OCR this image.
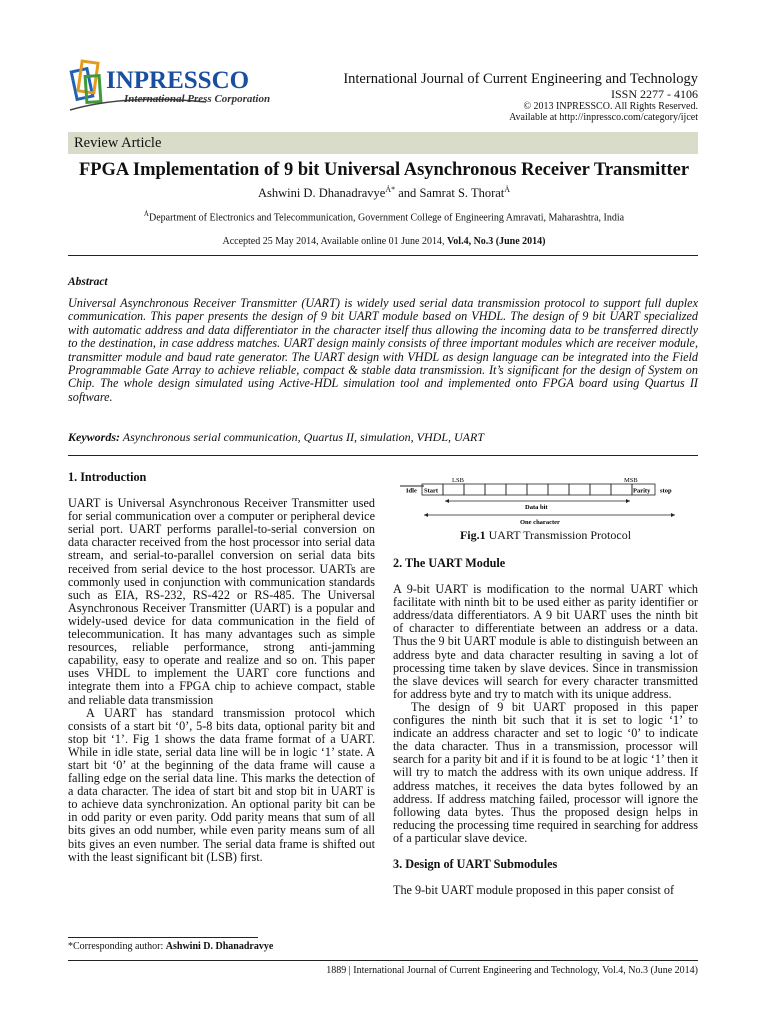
INPRESSCO
International Press Corporation
International Journal of Current Engineering and Technology
ISSN 2277 - 4106
© 2013 INPRESSCO. All Rights Reserved.
Available at http://inpressco.com/category/ijcet
Review Article
FPGA Implementation of 9 bit Universal Asynchronous Receiver Transmitter
Ashwini D. Dhanadravye$^{Ȧ*}$ and Samrat S. Thorat$^Ȧ$
$^Ȧ$Department of Electronics and Telecommunication, Government College of Engineering Amravati, Maharashtra, India
Accepted 25 May 2014, Available online 01 June 2014, Vol.4, No.3 (June 2014)
Abstract
Universal Asynchronous Receiver Transmitter (UART) is widely used serial data transmission protocol to support full duplex communication. This paper presents the design of 9 bit UART module based on VHDL. The design of 9 bit UART specialized with automatic address and data differentiator in the character itself thus allowing the incoming data to be transferred directly to the destination, in case address matches. UART design mainly consists of three important modules which are receiver module, transmitter module and baud rate generator. The UART design with VHDL as design language can be integrated into the Field Programmable Gate Array to achieve reliable, compact & stable data transmission. It’s significant for the design of System on Chip. The whole design simulated using Active-HDL simulation tool and implemented onto FPGA board using Quartus II software.
Keywords: Asynchronous serial communication, Quartus II, simulation, VHDL, UART
1. Introduction

UART is Universal Asynchronous Receiver Transmitter used for serial communication over a computer or peripheral device serial port. UART performs parallel-to-serial conversion on data character received from the host processor into serial data stream, and serial-to-parallel conversion on serial data bits received from serial device to the host processor. UARTs are commonly used in conjunction with communication standards such as EIA, RS-232, RS-422 or RS-485. The Universal Asynchronous Receiver Transmitter (UART) is a popular and widely-used device for data communication in the field of telecommunication. It has many advantages such as simple resources, reliable performance, strong anti-jamming capability, easy to operate and realize and so on. This paper uses VHDL to implement the UART core functions and integrate them into a FPGA chip to achieve compact, stable and reliable data transmission

A UART has standard transmission protocol which consists of a start bit ‘0’, 5-8 bits data, optional parity bit and stop bit ‘1’. Fig 1 shows the data frame format of a UART. While in idle state, serial data line will be in logic ‘1’ state. A start bit ‘0’ at the beginning of the data frame will cause a falling edge on the serial data line. This marks the detection of a data character. The idea of start bit and stop bit in UART is to achieve data synchronization. An optional parity bit can be in odd parity or even parity. Odd parity means that sum of all bits gives an odd number, while even parity means sum of all bits gives an even number. The serial data frame is shifted out with the least significant bit (LSB) first.

LSB	MSB
Idle Start	Parity stop
Data bit
One character
Fig.1 UART Transmission Protocol
2. The UART Module

A 9-bit UART is modification to the normal UART which facilitate with ninth bit to be used either as parity identifier or address/data differentiators. A 9 bit UART uses the ninth bit of character to differentiate between an address or a data. Thus the 9 bit UART module is able to distinguish between an address byte and data character resulting in saving a lot of processing time taken by slave devices. Since in transmission the slave devices will search for every character transmitted for address byte and try to match with its unique address.

The design of 9 bit UART proposed in this paper configures the ninth bit such that it is set to logic ‘1’ to indicate an address character and set to logic ‘0’ to indicate the data character. Thus in a transmission, processor will search for a parity bit and if it is found to be at logic ‘1’ then it will try to match the address with its own unique address. If address matches, it receives the data bytes followed by an address. If address matching failed, processor will ignore the following data bytes. Thus the proposed design helps in reducing the processing time required in searching for address of a particular slave device.

3. Design of UART Submodules

The 9-bit UART module proposed in this paper consist of

*Corresponding author: Ashwini D. Dhanadravye
1889 | International Journal of Current Engineering and Technology, Vol.4, No.3 (June 2014)
